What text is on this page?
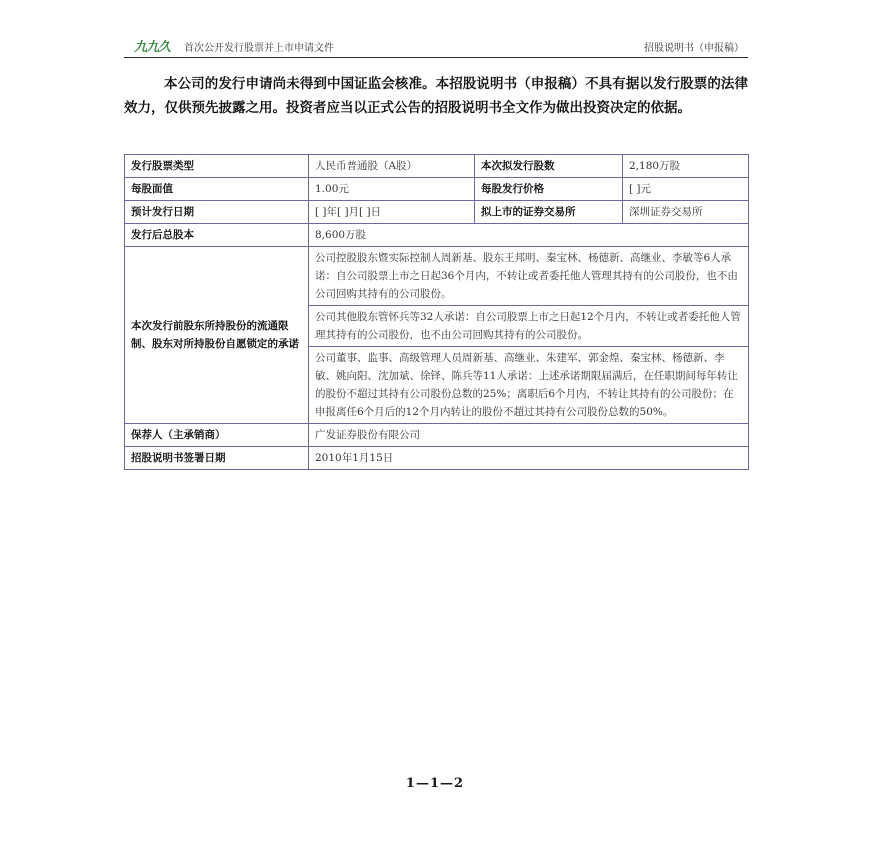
九九久 首次公开发行股票并上市申请文件	招股说明书（申报稿）
本公司的发行申请尚未得到中国证监会核准。本招股说明书（申报稿）不具有据以发行股票的法律效力，仅供预先披露之用。投资者应当以正式公告的招股说明书全文作为做出投资决定的依据。
发行股票类型	人民币普通股（A股）	本次拟发行股数	2,180万股
每股面值	1.00元	每股发行价格	[ ]元
预计发行日期	[ ]年[ ]月[ ]日	拟上市的证券交易所	深圳证券交易所
发行后总股本	8,600万股		
本次发行前股东所持股份的流通限制、股东对所持股份自愿锁定的承诺	公司控股股东暨实际控制人周新基、股东王邦明、秦宝林、杨德新、高继业、李敏等6人承诺：自公司股票上市之日起36个月内，不转让或者委托他人管理其持有的公司股份，也不由公司回购其持有的公司股份。		
	公司其他股东管怀兵等32人承诺：自公司股票上市之日起12个月内，不转让或者委托他人管理其持有的公司股份，也不由公司回购其持有的公司股份。		
	公司董事、监事、高级管理人员周新基、高继业、朱建军、郭金煌、秦宝林、杨德新、李敏、姚向阳、沈加斌、徐铎、陈兵等11人承诺：上述承诺期限届满后，在任职期间每年转让的股份不超过其持有公司股份总数的25%；离职后6个月内，不转让其持有的公司股份；在申报离任6个月后的12个月内转让的股份不超过其持有公司股份总数的50%。		
保荐人（主承销商）	广发证券股份有限公司		
招股说明书签署日期	2010年1月15日		
1—1—2
